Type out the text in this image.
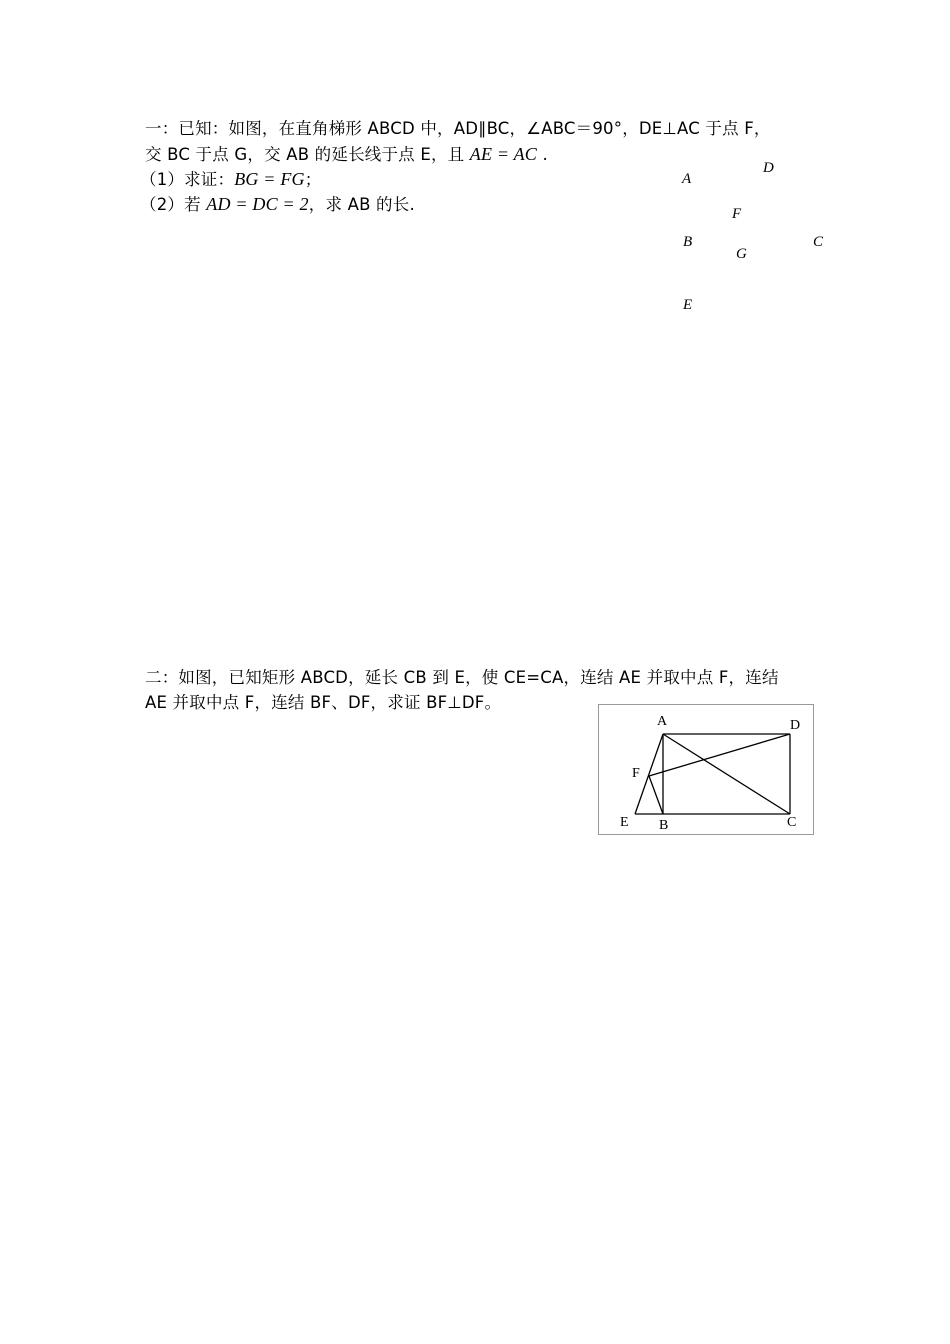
一：已知：如图，在直角梯形 ABCD 中，AD∥BC，∠ABC＝90°，DE⊥AC 于点 F，
交 BC 于点 G，交 AB 的延长线于点 E，且 AE = AC .
（1）求证：BG = FG；
（2）若 AD = DC = 2，求 AB 的长.
A
D
F
B
G
C
E
二：如图，已知矩形 ABCD，延长 CB 到 E，使 CE=CA，连结 AE 并取中点 F，连结
AE 并取中点 F，连结 BF、DF，求证 BF⊥DF。
A	D
F
E B	C
